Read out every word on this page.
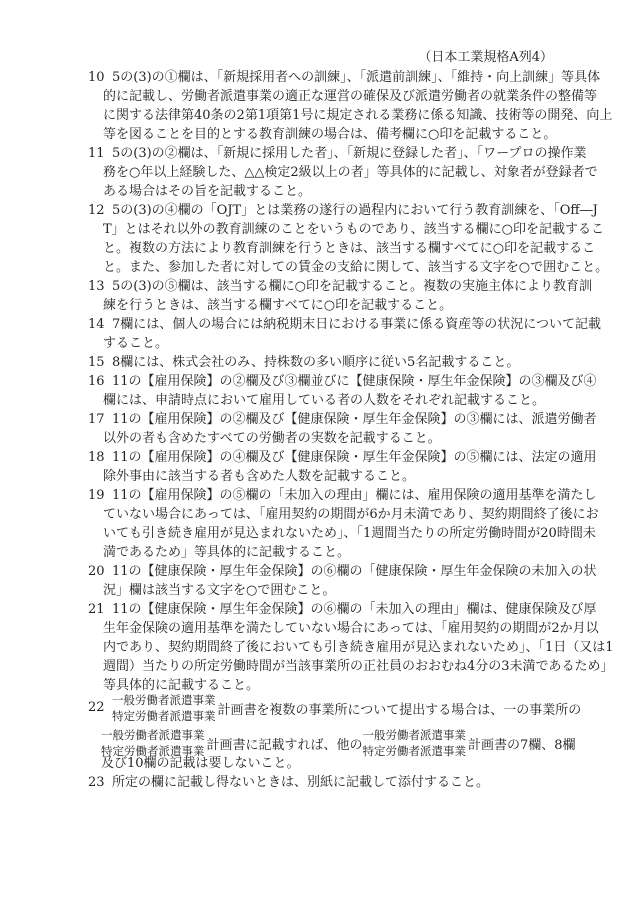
（日本工業規格A列4）
10 5の(3)の①欄は、「新規採用者への訓練」、「派遣前訓練」、「維持・向上訓練」等具体
的に記載し、労働者派遣事業の適正な運営の確保及び派遣労働者の就業条件の整備等
に関する法律第40条の2第1項第1号に規定される業務に係る知識、技術等の開発、向上
等を図ることを目的とする教育訓練の場合は、備考欄に○印を記載すること。
11 5の(3)の②欄は、「新規に採用した者」、「新規に登録した者」、「ワープロの操作業
務を○年以上経験した、△△検定2級以上の者」等具体的に記載し、対象者が登録者で
ある場合はその旨を記載すること。
12 5の(3)の④欄の「OJT」とは業務の遂行の過程内において行う教育訓練を、「Off―J
T」とはそれ以外の教育訓練のことをいうものであり、該当する欄に○印を記載するこ
と。複数の方法により教育訓練を行うときは、該当する欄すべてに○印を記載するこ
と。また、参加した者に対しての賃金の支給に関して、該当する文字を○で囲むこと。
13 5の(3)の⑤欄は、該当する欄に○印を記載すること。複数の実施主体により教育訓
練を行うときは、該当する欄すべてに○印を記載すること。
14 7欄には、個人の場合には納税期末日における事業に係る資産等の状況について記載
すること。
15 8欄には、株式会社のみ、持株数の多い順序に従い5名記載すること。
16 11の【雇用保険】の②欄及び③欄並びに【健康保険・厚生年金保険】の③欄及び④
欄には、申請時点において雇用している者の人数をそれぞれ記載すること。
17 11の【雇用保険】の②欄及び【健康保険・厚生年金保険】の③欄には、派遣労働者
以外の者も含めたすべての労働者の実数を記載すること。
18 11の【雇用保険】の④欄及び【健康保険・厚生年金保険】の⑤欄には、法定の適用
除外事由に該当する者も含めた人数を記載すること。
19 11の【雇用保険】の⑤欄の「未加入の理由」欄には、雇用保険の適用基準を満たし
ていない場合にあっては、「雇用契約の期間が6か月未満であり、契約期間終了後にお
いても引き続き雇用が見込まれないため」、「1週間当たりの所定労働時間が20時間未
満であるため」等具体的に記載すること。
20 11の【健康保険・厚生年金保険】の⑥欄の「健康保険・厚生年金保険の未加入の状
況」欄は該当する文字を○で囲むこと。
21 11の【健康保険・厚生年金保険】の⑥欄の「未加入の理由」欄は、健康保険及び厚
生年金保険の適用基準を満たしていない場合にあっては、「雇用契約の期間が2か月以
内であり、契約期間終了後においても引き続き雇用が見込まれないため」、「1日（又は1
週間）当たりの所定労働時間が当該事業所の正社員のおおむね4分の3未満であるため」
等具体的に記載すること。
22 一般労働者派遣事業
特定労働者派遣事業 計画書を複数の事業所について提出する場合は、一の事業所の
一般労働者派遣事業
特定労働者派遣事業 計画書に記載すれば、他の
一般労働者派遣事業
特定労働者派遣事業 計画書の7欄、8欄
及び10欄の記載は要しないこと。
23 所定の欄に記載し得ないときは、別紙に記載して添付すること。
